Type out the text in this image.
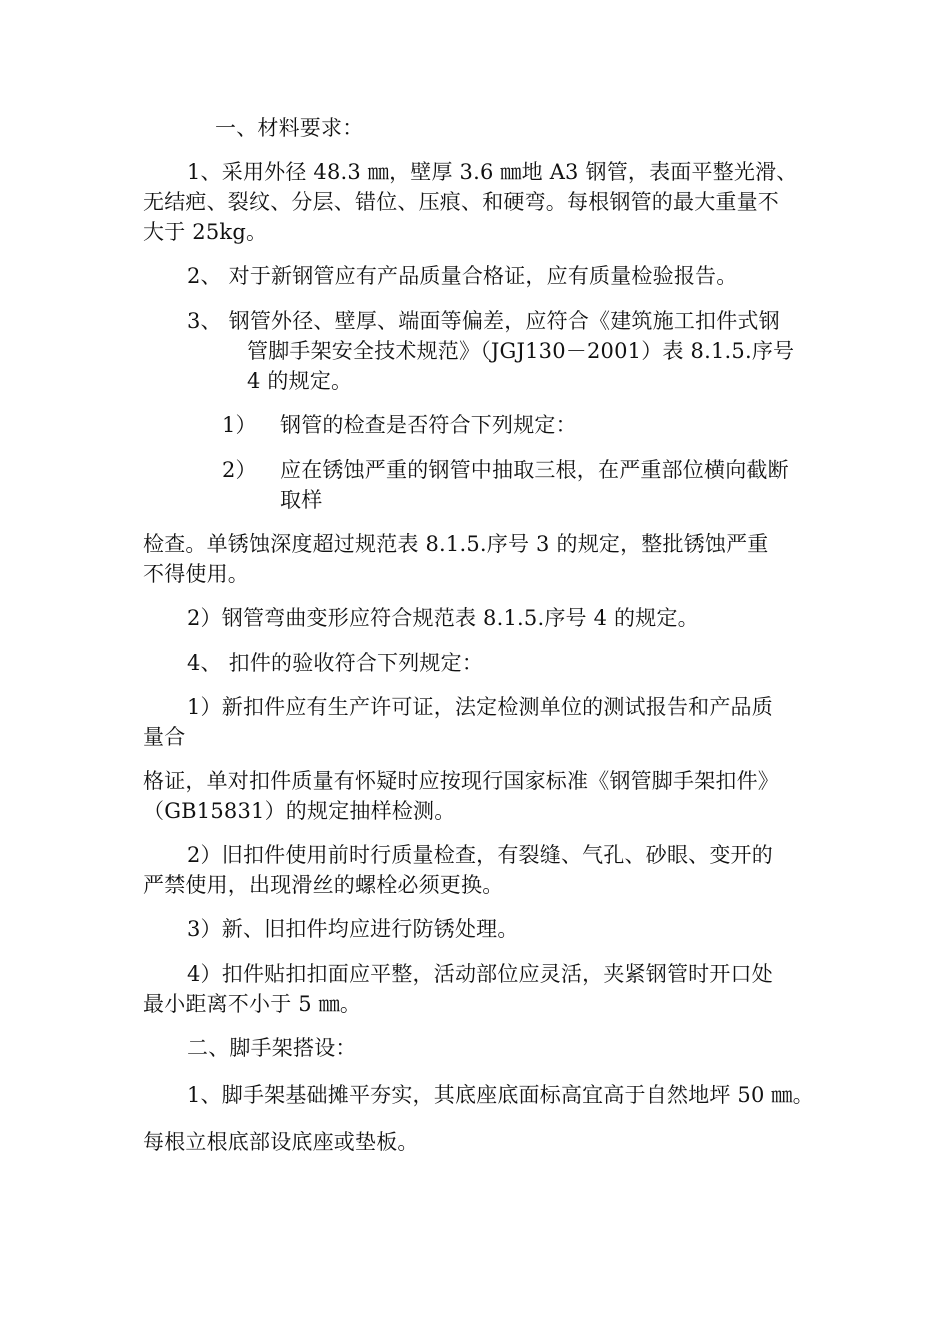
一、材料要求：
1、采用外径 48.3 ㎜，壁厚 3.6 ㎜地 A3 钢管，表面平整光滑、
无结疤、裂纹、分层、错位、压痕、和硬弯。每根钢管的最大重量不
大于 25kg。
2、 对于新钢管应有产品质量合格证，应有质量检验报告。
3、 钢管外径、壁厚、端面等偏差，应符合《建筑施工扣件式钢
管脚手架安全技术规范》（JGJ130－2001）表 8.1.5.序号
4 的规定。
1） 钢管的检查是否符合下列规定：
2） 应在锈蚀严重的钢管中抽取三根，在严重部位横向截断
取样
检查。单锈蚀深度超过规范表 8.1.5.序号 3 的规定，整批锈蚀严重
不得使用。
2）钢管弯曲变形应符合规范表 8.1.5.序号 4 的规定。
4、 扣件的验收符合下列规定：
1）新扣件应有生产许可证，法定检测单位的测试报告和产品质
量合
格证，单对扣件质量有怀疑时应按现行国家标准《钢管脚手架扣件》
（GB15831）的规定抽样检测。
2）旧扣件使用前时行质量检查，有裂缝、气孔、砂眼、变开的
严禁使用，出现滑丝的螺栓必须更换。
3）新、旧扣件均应进行防锈处理。
4）扣件贴扣扣面应平整，活动部位应灵活，夹紧钢管时开口处
最小距离不小于 5 ㎜。
二、脚手架搭设：
1、脚手架基础摊平夯实，其底座底面标高宜高于自然地坪 50 ㎜。
每根立根底部设底座或垫板。
